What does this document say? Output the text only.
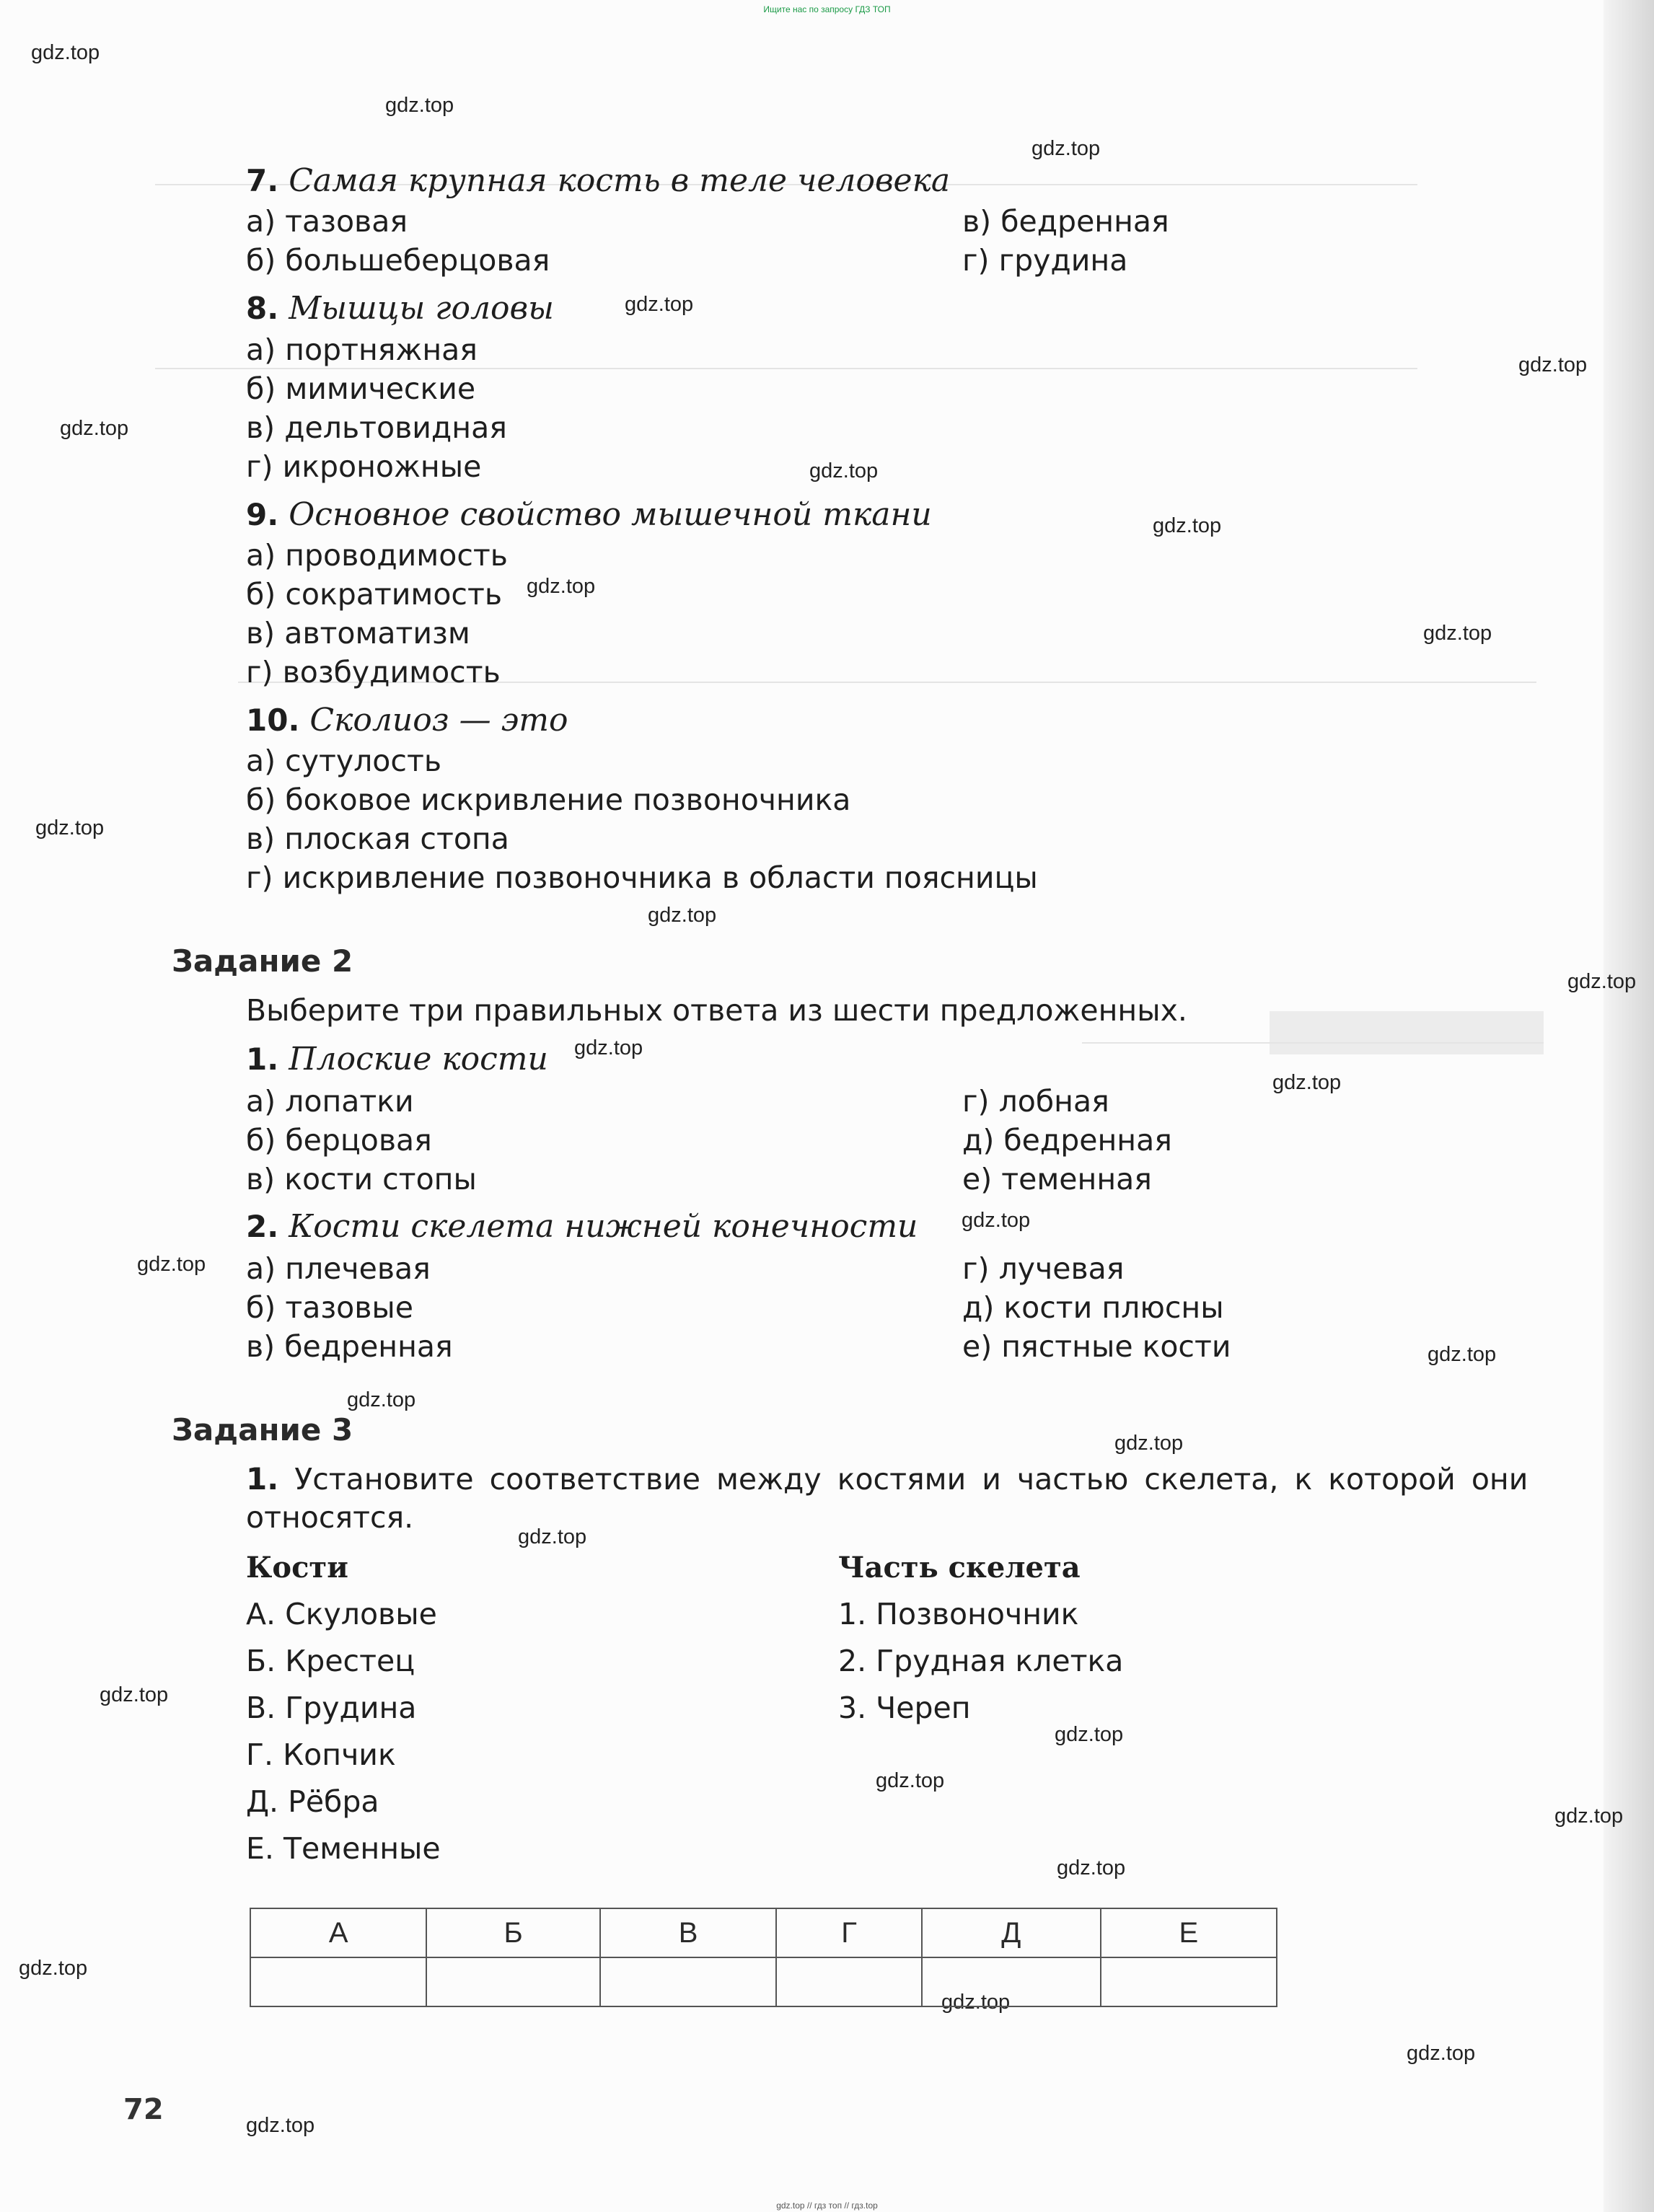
Ищите нас по запросу ГДЗ ТОП
gdz.top
gdz.top
gdz.top
gdz.top
gdz.top
gdz.top
gdz.top
gdz.top
gdz.top
gdz.top
gdz.top
gdz.top
gdz.top
gdz.top
gdz.top
gdz.top
gdz.top
gdz.top
gdz.top
gdz.top
gdz.top
gdz.top
gdz.top
gdz.top
gdz.top
gdz.top
gdz.top
gdz.top
gdz.top
gdz.top
7. Самая крупная кость в теле человека
а) тазовая
б) большеберцовая
в) бедренная
г) грудина
8. Мышцы головы
а) портняжная
б) мимические
в) дельтовидная
г) икроножные
9. Основное свойство мышечной ткани
а) проводимость
б) сократимость
в) автоматизм
г) возбудимость
10. Сколиоз — это
а) сутулость
б) боковое искривление позвоночника
в) плоская стопа
г) искривление позвоночника в области поясницы
Задание 2
Выберите три правильных ответа из шести предложенных.
1. Плоские кости
а) лопатки
б) берцовая
в) кости стопы
г) лобная
д) бедренная
е) теменная
2. Кости скелета нижней конечности
а) плечевая
б) тазовые
в) бедренная
г) лучевая
д) кости плюсны
е) пястные кости
Задание 3
1. Установите соответствие между костями и частью скелета, к которой они
относятся.
Кости	Часть скелета
А. Скуловые
Б. Крестец
В. Грудина
Г. Копчик
Д. Рёбра
Е. Теменные
1. Позвоночник
2. Грудная клетка
3. Череп
А	Б	В	Г	Д	Е

72
gdz.top // гдз топ // гдз.top
